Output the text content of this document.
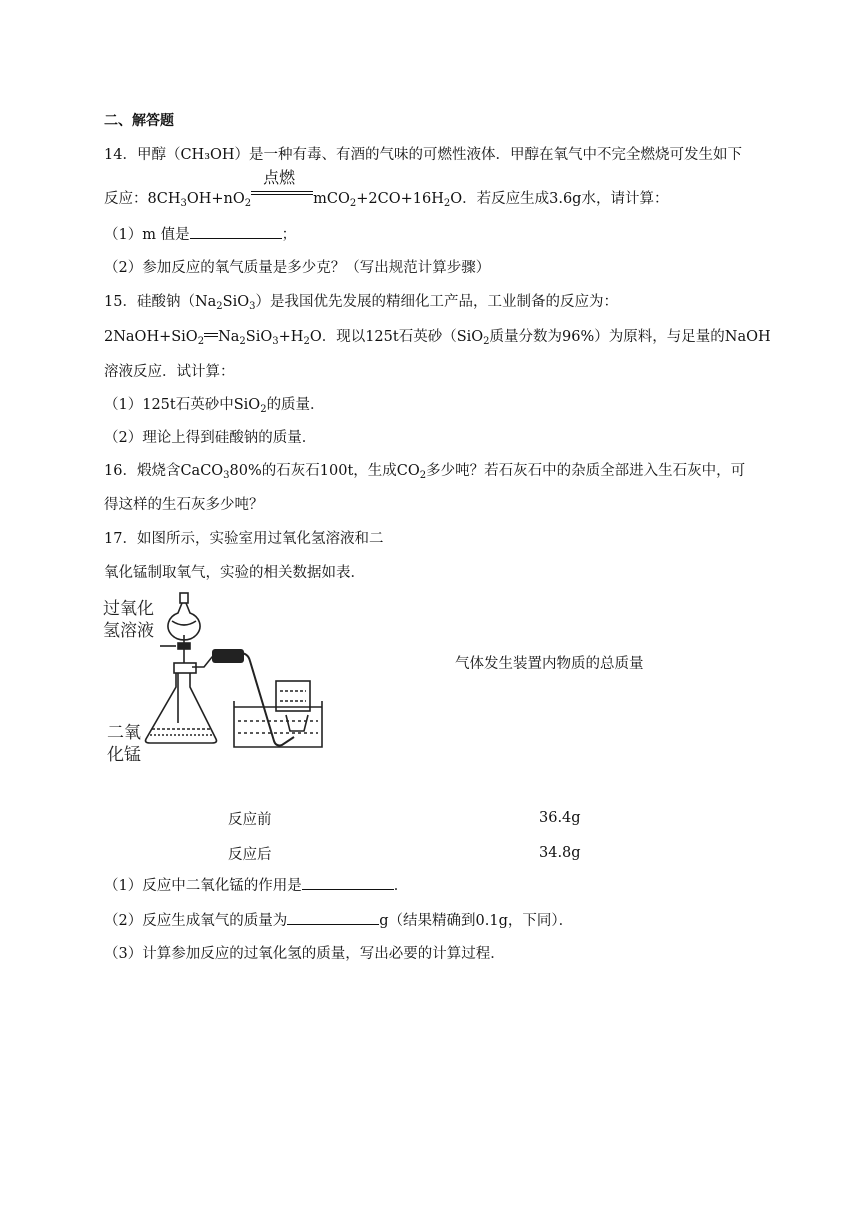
二、解答题
14．甲醇（CH₃OH）是一种有毒、有酒的气味的可燃性液体．甲醇在氧气中不完全燃烧可发生如下
反应：$8CH_3OH+nO_2$
点燃
$mCO_2+2CO+16H_2O$．若反应生成3.6g水，请计算：
（1）m 值是	；
（2）参加反应的氧气质量是多少克？（写出规范计算步骤）
15．硅酸钠$(Na_2SiO_3)$是我国优先发展的精细化工产品，工业制备的反应为：
2NaOH+SiO$_2$ $Na_2SiO_3+H_2O$．现以125t石英砂（SiO$_2$质量分数为96%）为原料，与足量的NaOH
溶液反应．试计算：
（1）125t石英砂中SiO$_2$的质量．
（2）理论上得到硅酸钠的质量．
16．煅烧含CaCO$_3$80%的石灰石100t，生成$CO_2$多少吨？若石灰石中的杂质全部进入生石灰中，可
得这样的生石灰多少吨？
17．如图所示，实验室用过氧化氢溶液和二
氧化锰制取氧气，实验的相关数据如表．
过氧化
氢溶液
二氧
化锰
气体发生装置内物质的总质量
反应前	36.4g
反应后	34.8g
（1）反应中二氧化锰的作用是	．
（2）反应生成氧气的质量为	g（结果精确到0.1g，下同）．
（3）计算参加反应的过氧化氢的质量，写出必要的计算过程．
